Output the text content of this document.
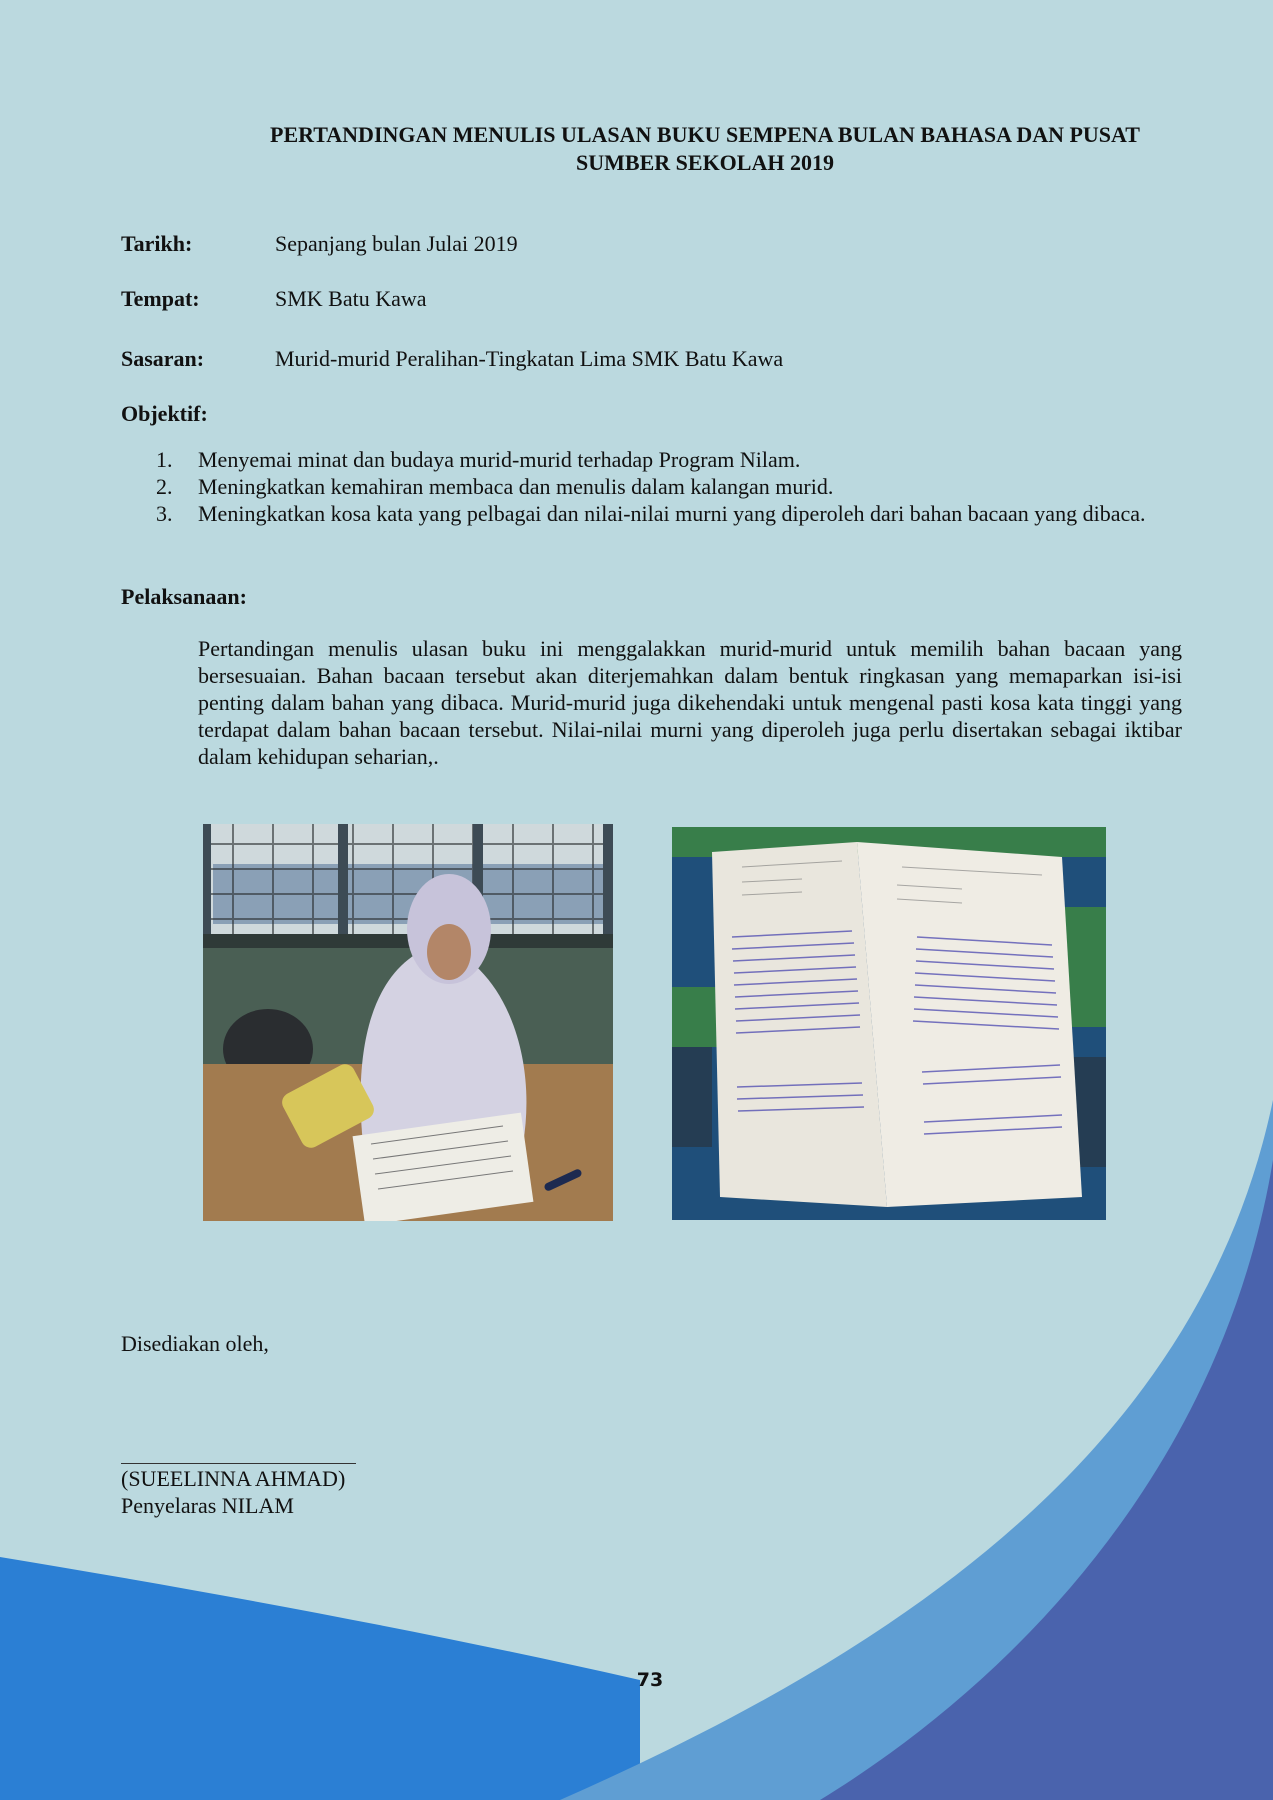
PERTANDINGAN MENULIS ULASAN BUKU SEMPENA BULAN BAHASA DAN PUSAT
SUMBER SEKOLAH 2019
Tarikh:	Sepanjang bulan Julai 2019
Tempat:	SMK Batu Kawa
Sasaran:	Murid-murid Peralihan-Tingkatan Lima SMK Batu Kawa
Objektif:
1. Menyemai minat dan budaya murid-murid terhadap Program Nilam.
2. Meningkatkan kemahiran membaca dan menulis dalam kalangan murid.
3. Meningkatkan kosa kata yang pelbagai dan nilai-nilai murni yang diperoleh dari bahan bacaan yang dibaca.
Pelaksanaan:

Pertandingan menulis ulasan buku ini menggalakkan murid-murid untuk memilih bahan bacaan yang bersesuaian. Bahan bacaan tersebut akan diterjemahkan dalam bentuk ringkasan yang memaparkan isi-isi penting dalam bahan yang dibaca. Murid-murid juga dikehendaki untuk mengenal pasti kosa kata tinggi yang terdapat dalam bahan bacaan tersebut. Nilai-nilai murni yang diperoleh juga perlu disertakan sebagai iktibar dalam kehidupan seharian,.

Disediakan oleh,
(SUEELINNA AHMAD)
Penyelaras NILAM
73
